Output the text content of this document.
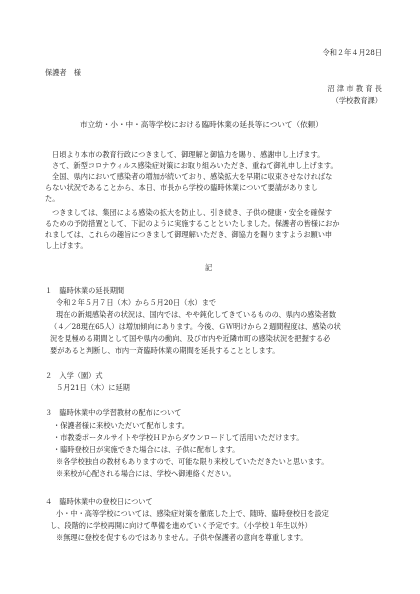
令和２年４月28日
保護者　様
沼 津 市 教 育 長
（学校教育課）
市立幼・小・中・高等学校における臨時休業の延長等について（依頼）
日頃より本市の教育行政につきまして、御理解と御協力を賜り、感謝申し上げます。
さて、新型コロナウィルス感染症対策にお取り組みいただき、重ねて御礼申し上げます。
全国、県内において感染者の増加が続いており、感染拡大を早期に収束させなければな
らない状況であることから、本日、市長から学校の臨時休業について要請がありまし
た。
つきましては、集団による感染の拡大を防止し、引き続き、子供の健康・安全を確保す
るための予防措置として、下記のように実施することといたしました。保護者の皆様におか
れましては、これらの趣旨につきまして御理解いただき、御協力を賜りますようお願い申
し上げます。
記
１　臨時休業の延長期間
令和２年５月７日（木）から５月20日（水）まで
現在の新規感染者の状況は、国内では、やや鈍化してきているものの、県内の感染者数
（４／28現在65人）は増加傾向にあります。今後、ＧＷ明けから２週間程度は、感染の状
況を見極める期間として国や県内の動向、及び市内や近隣市町の感染状況を把握する必
要があると判断し、市内一斉臨時休業の期間を延長することとします。
２　入学（園）式
５月21日（木）に延期
３　臨時休業中の学習教材の配布について
・保護者様に来校いただいて配布します。
・市教委ポータルサイトや学校ＨＰからダウンロードして活用いただけます。
・臨時登校日が実施できた場合には、子供に配布します。
※各学校独自の教材もありますので、可能な限り来校していただきたいと思います。
※来校が心配される場合には、学校へ御連絡ください。
４　臨時休業中の登校日について
小・中・高等学校については、感染症対策を徹底した上で、随時、臨時登校日を設定
し、段階的に学校再開に向けて準備を進めていく予定です。（小学校１年生以外）
※無理に登校を促すものではありません。子供や保護者の意向を尊重します。
